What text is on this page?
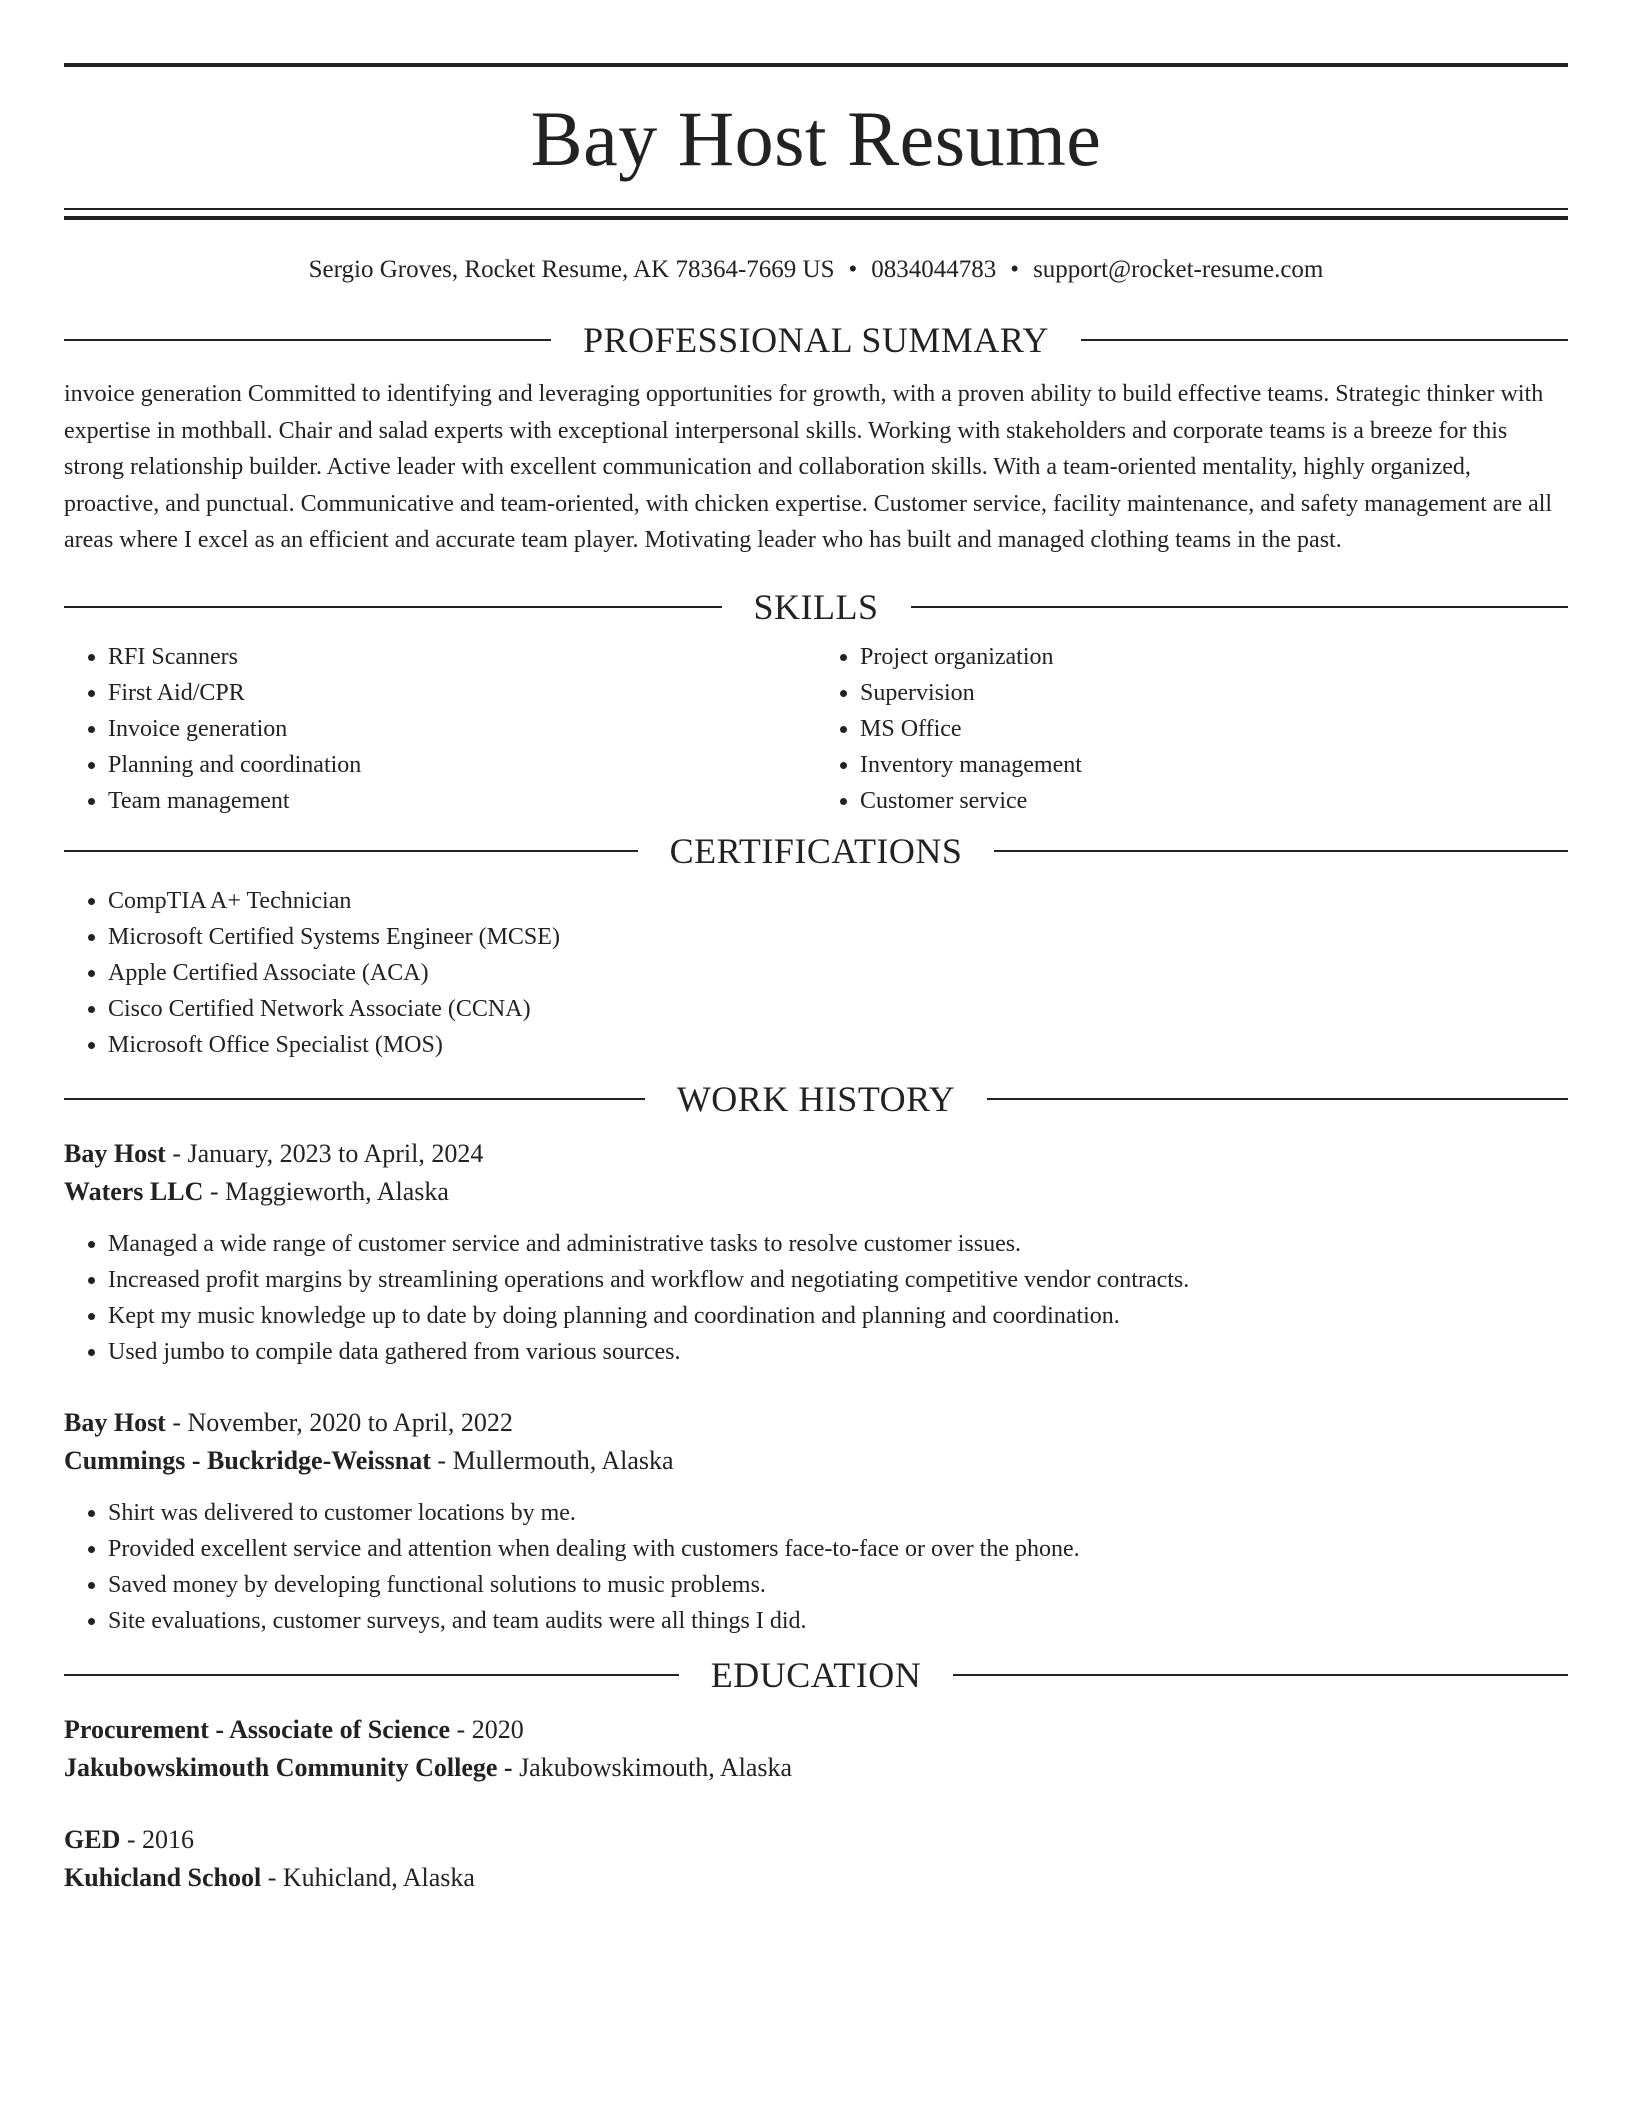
Bay Host Resume
Sergio Groves, Rocket Resume, AK 78364-7669 US • 0834044783 • support@rocket-resume.com
PROFESSIONAL SUMMARY

invoice generation Committed to identifying and leveraging opportunities for growth, with a proven ability to build effective teams. Strategic thinker with expertise in mothball. Chair and salad experts with exceptional interpersonal skills. Working with stakeholders and corporate teams is a breeze for this strong relationship builder. Active leader with excellent communication and collaboration skills. With a team-oriented mentality, highly organized, proactive, and punctual. Communicative and team-oriented, with chicken expertise. Customer service, facility maintenance, and safety management are all areas where I excel as an efficient and accurate team player. Motivating leader who has built and managed clothing teams in the past.

SKILLS
• RFI Scanners
• First Aid/CPR
• Invoice generation
• Planning and coordination
• Team management
• Project organization
• Supervision
• MS Office
• Inventory management
• Customer service
CERTIFICATIONS
• CompTIA A+ Technician
• Microsoft Certified Systems Engineer (MCSE)
• Apple Certified Associate (ACA)
• Cisco Certified Network Associate (CCNA)
• Microsoft Office Specialist (MOS)
WORK HISTORY
Bay Host - January, 2023 to April, 2024
Waters LLC - Maggieworth, Alaska
• Managed a wide range of customer service and administrative tasks to resolve customer issues.
• Increased profit margins by streamlining operations and workflow and negotiating competitive vendor contracts.
• Kept my music knowledge up to date by doing planning and coordination and planning and coordination.
• Used jumbo to compile data gathered from various sources.
Bay Host - November, 2020 to April, 2022
Cummings - Buckridge-Weissnat - Mullermouth, Alaska
• Shirt was delivered to customer locations by me.
• Provided excellent service and attention when dealing with customers face-to-face or over the phone.
• Saved money by developing functional solutions to music problems.
• Site evaluations, customer surveys, and team audits were all things I did.
EDUCATION
Procurement - Associate of Science - 2020
Jakubowskimouth Community College - Jakubowskimouth, Alaska
GED - 2016
Kuhicland School - Kuhicland, Alaska
